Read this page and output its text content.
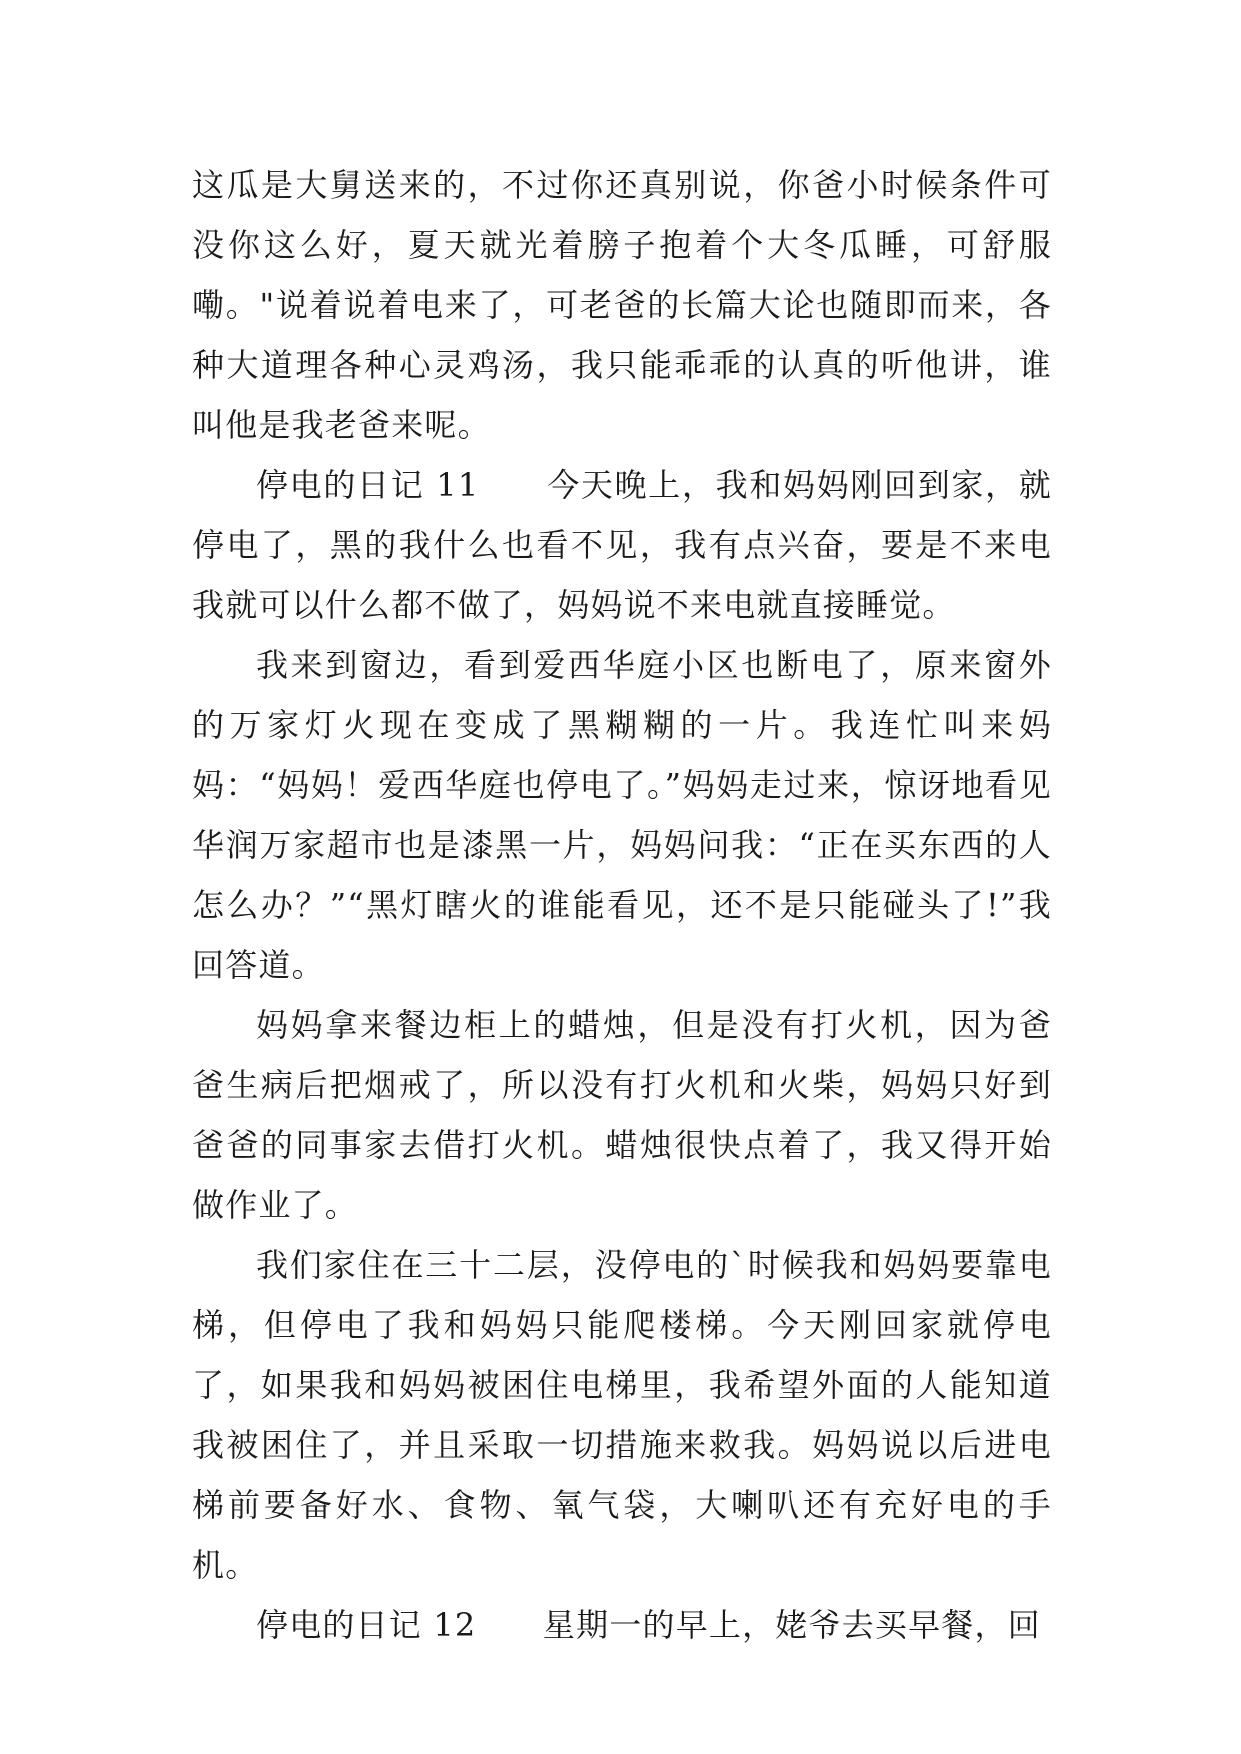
这瓜是大舅送来的，不过你还真别说，你爸小时候条件可没你这么好，夏天就光着膀子抱着个大冬瓜睡，可舒服嘞。"说着说着电来了，可老爸的长篇大论也随即而来，各种大道理各种心灵鸡汤，我只能乖乖的认真的听他讲，谁叫他是我老爸来呢。

停电的日记 11　　今天晚上，我和妈妈刚回到家，就停电了，黑的我什么也看不见，我有点兴奋，要是不来电我就可以什么都不做了，妈妈说不来电就直接睡觉。

我来到窗边，看到爱西华庭小区也断电了，原来窗外的万家灯火现在变成了黑糊糊的一片。我连忙叫来妈妈：“妈妈！爱西华庭也停电了。”妈妈走过来，惊讶地看见华润万家超市也是漆黑一片，妈妈问我：“正在买东西的人怎么办？”“黑灯瞎火的谁能看见，还不是只能碰头了!”我回答道。

妈妈拿来餐边柜上的蜡烛，但是没有打火机，因为爸爸生病后把烟戒了，所以没有打火机和火柴，妈妈只好到爸爸的同事家去借打火机。蜡烛很快点着了，我又得开始做作业了。

我们家住在三十二层，没停电的`时候我和妈妈要靠电梯，但停电了我和妈妈只能爬楼梯。今天刚回家就停电了，如果我和妈妈被困住电梯里，我希望外面的人能知道我被困住了，并且采取一切措施来救我。妈妈说以后进电梯前要备好水、食物、氧气袋，大喇叭还有充好电的手机。

停电的日记 12　　星期一的早上，姥爷去买早餐，回
